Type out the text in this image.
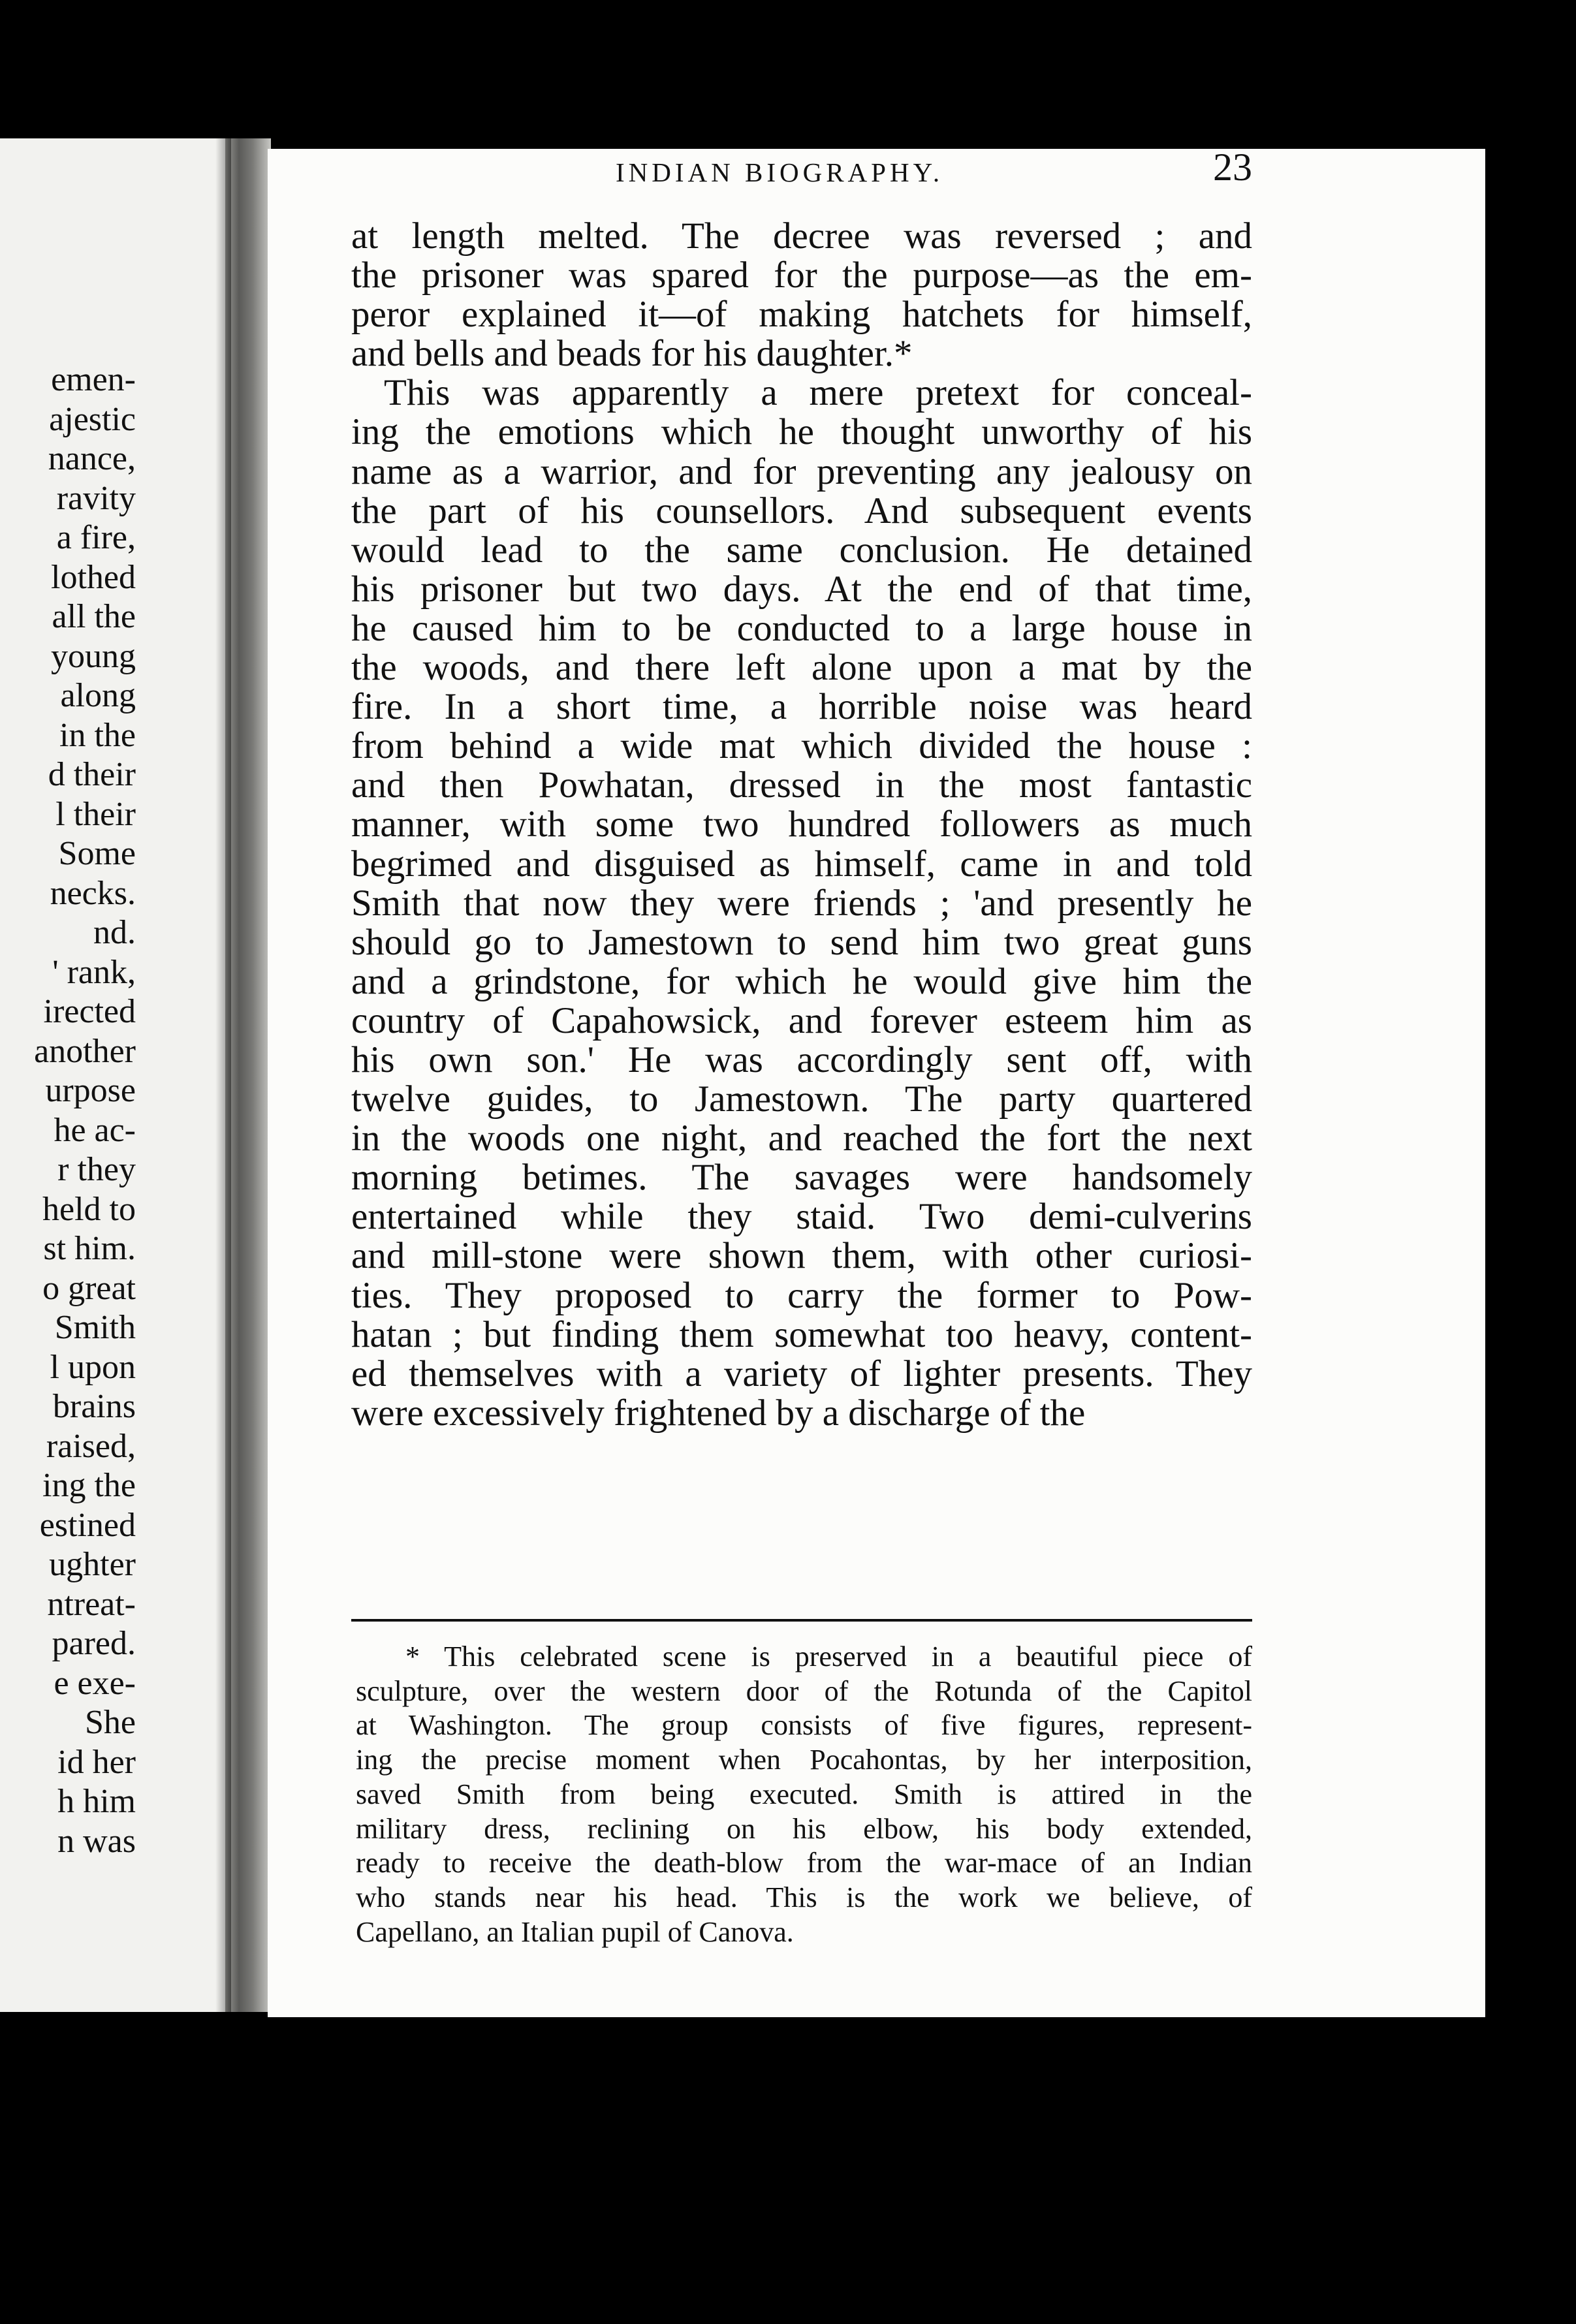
emen-
ajestic
nance,
ravity
a fire,
lothed
all the
young
along
in the
d their
l their
Some
necks.
nd.
' rank,
irected
another
urpose
he ac-
r they
held to
st him.
o great
Smith
l upon
brains
raised,
ing the
estined
ughter
ntreat-
pared.
e exe-
She
id her
h him
n was
INDIAN BIOGRAPHY.	23
at length melted. The decree was reversed ; and
the prisoner was spared for the purpose—as the em-
peror explained it—of making hatchets for himself,
and bells and beads for his daughter.*
This was apparently a mere pretext for conceal-
ing the emotions which he thought unworthy of his
name as a warrior, and for preventing any jealousy on
the part of his counsellors. And subsequent events
would lead to the same conclusion. He detained
his prisoner but two days. At the end of that time,
he caused him to be conducted to a large house in
the woods, and there left alone upon a mat by the
fire. In a short time, a horrible noise was heard
from behind a wide mat which divided the house :
and then Powhatan, dressed in the most fantastic
manner, with some two hundred followers as much
begrimed and disguised as himself, came in and told
Smith that now they were friends ; 'and presently he
should go to Jamestown to send him two great guns
and a grindstone, for which he would give him the
country of Capahowsick, and forever esteem him as
his own son.' He was accordingly sent off, with
twelve guides, to Jamestown. The party quartered
in the woods one night, and reached the fort the next
morning betimes. The savages were handsomely
entertained while they staid. Two demi-culverins
and mill-stone were shown them, with other curiosi-
ties. They proposed to carry the former to Pow-
hatan ; but finding them somewhat too heavy, content-
ed themselves with a variety of lighter presents. They
were excessively frightened by a discharge of the
* This celebrated scene is preserved in a beautiful piece of
sculpture, over the western door of the Rotunda of the Capitol
at Washington. The group consists of five figures, represent-
ing the precise moment when Pocahontas, by her interposition,
saved Smith from being executed. Smith is attired in the
military dress, reclining on his elbow, his body extended,
ready to receive the death-blow from the war-mace of an Indian
who stands near his head. This is the work we believe, of
Capellano, an Italian pupil of Canova.
